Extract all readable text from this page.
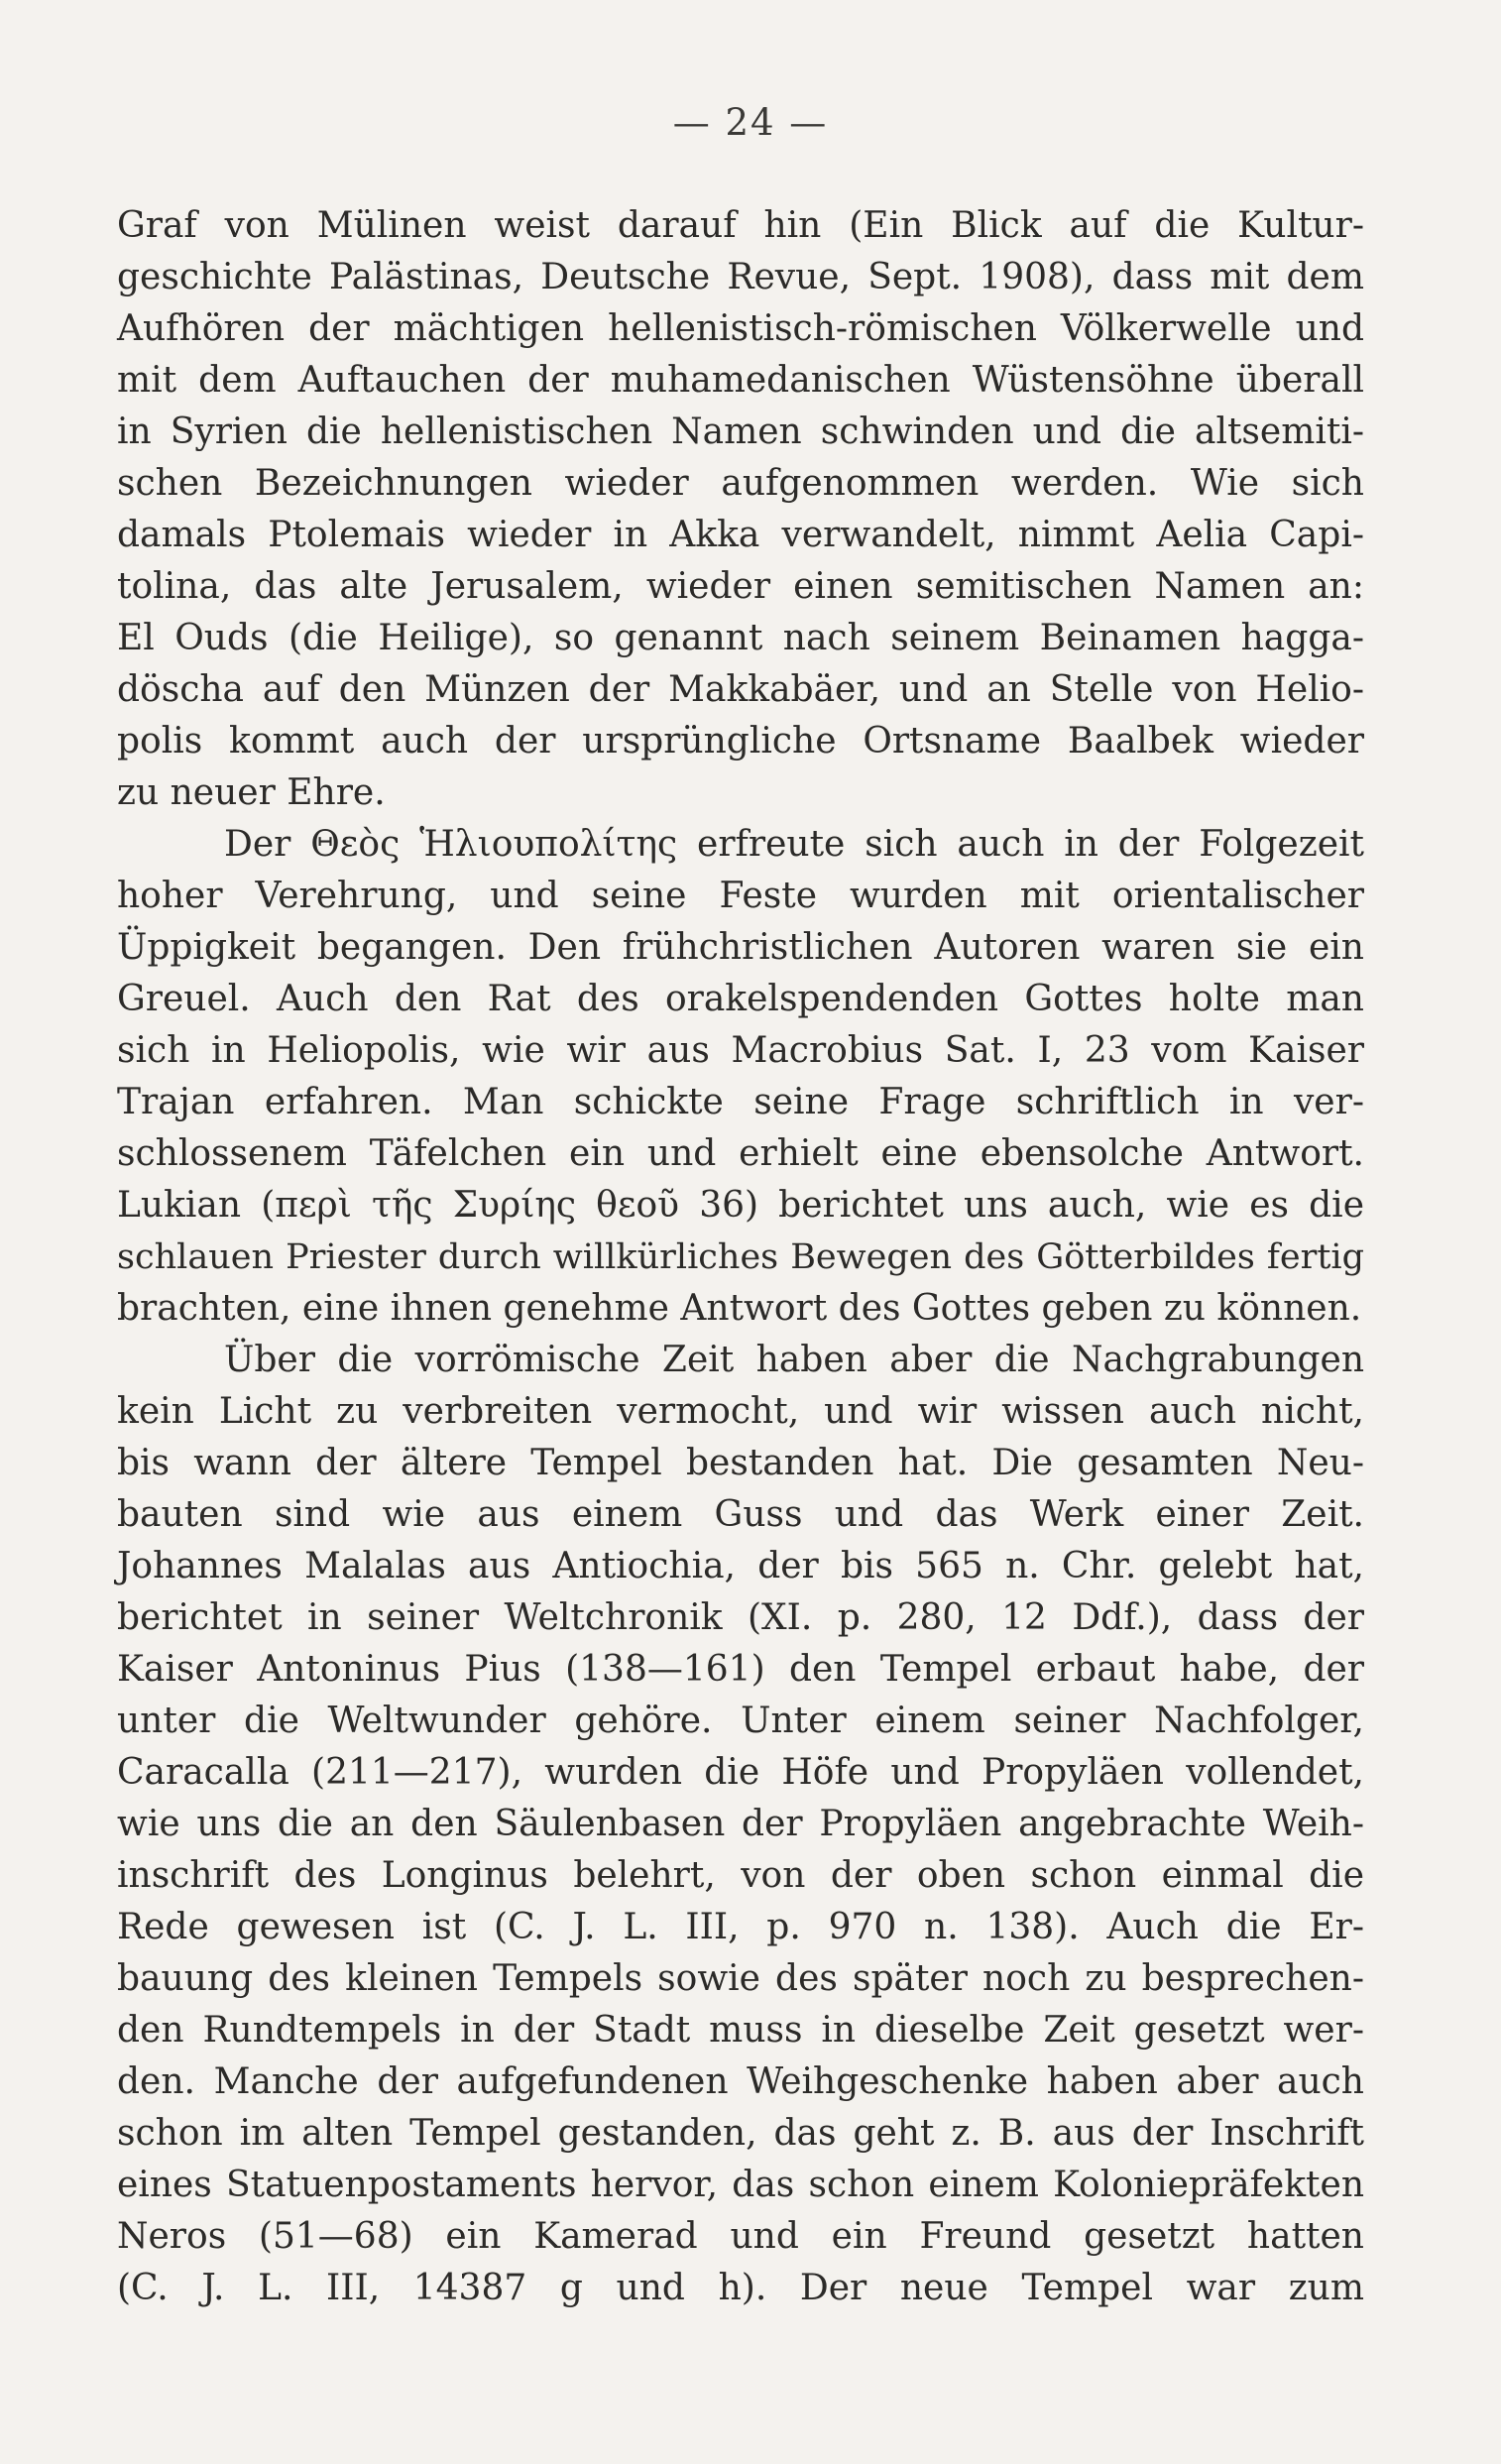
— 24 —
Graf von Mülinen weist darauf hin (Ein Blick auf die Kultur-
geschichte Palästinas, Deutsche Revue, Sept. 1908), dass mit dem
Aufhören der mächtigen hellenistisch-römischen Völkerwelle und
mit dem Auftauchen der muhamedanischen Wüstensöhne überall
in Syrien die hellenistischen Namen schwinden und die altsemiti-
schen Bezeichnungen wieder aufgenommen werden. Wie sich
damals Ptolemais wieder in Akka verwandelt, nimmt Aelia Capi-
tolina, das alte Jerusalem, wieder einen semitischen Namen an:
El Ouds (die Heilige), so genannt nach seinem Beinamen hagga-
döscha auf den Münzen der Makkabäer, und an Stelle von Helio-
polis kommt auch der ursprüngliche Ortsname Baalbek wieder
zu neuer Ehre.
Der Θεὸς Ἡλιουπολίτης erfreute sich auch in der Folgezeit
hoher Verehrung, und seine Feste wurden mit orientalischer
Üppigkeit begangen. Den frühchristlichen Autoren waren sie ein
Greuel. Auch den Rat des orakelspendenden Gottes holte man
sich in Heliopolis, wie wir aus Macrobius Sat. I, 23 vom Kaiser
Trajan erfahren. Man schickte seine Frage schriftlich in ver-
schlossenem Täfelchen ein und erhielt eine ebensolche Antwort.
Lukian (περὶ τῆς Συρίης θεοῦ 36) berichtet uns auch, wie es die
schlauen Priester durch willkürliches Bewegen des Götterbildes fertig
brachten, eine ihnen genehme Antwort des Gottes geben zu können.
Über die vorrömische Zeit haben aber die Nachgrabungen
kein Licht zu verbreiten vermocht, und wir wissen auch nicht,
bis wann der ältere Tempel bestanden hat. Die gesamten Neu-
bauten sind wie aus einem Guss und das Werk einer Zeit.
Johannes Malalas aus Antiochia, der bis 565 n. Chr. gelebt hat,
berichtet in seiner Weltchronik (XI. p. 280, 12 Ddf.), dass der
Kaiser Antoninus Pius (138—161) den Tempel erbaut habe, der
unter die Weltwunder gehöre. Unter einem seiner Nachfolger,
Caracalla (211—217), wurden die Höfe und Propyläen vollendet,
wie uns die an den Säulenbasen der Propyläen angebrachte Weih-
inschrift des Longinus belehrt, von der oben schon einmal die
Rede gewesen ist (C. J. L. III, p. 970 n. 138). Auch die Er-
bauung des kleinen Tempels sowie des später noch zu besprechen-
den Rundtempels in der Stadt muss in dieselbe Zeit gesetzt wer-
den. Manche der aufgefundenen Weihgeschenke haben aber auch
schon im alten Tempel gestanden, das geht z. B. aus der Inschrift
eines Statuenpostaments hervor, das schon einem Koloniepräfekten
Neros (51—68) ein Kamerad und ein Freund gesetzt hatten
(C. J. L. III, 14387 g und h). Der neue Tempel war zum
